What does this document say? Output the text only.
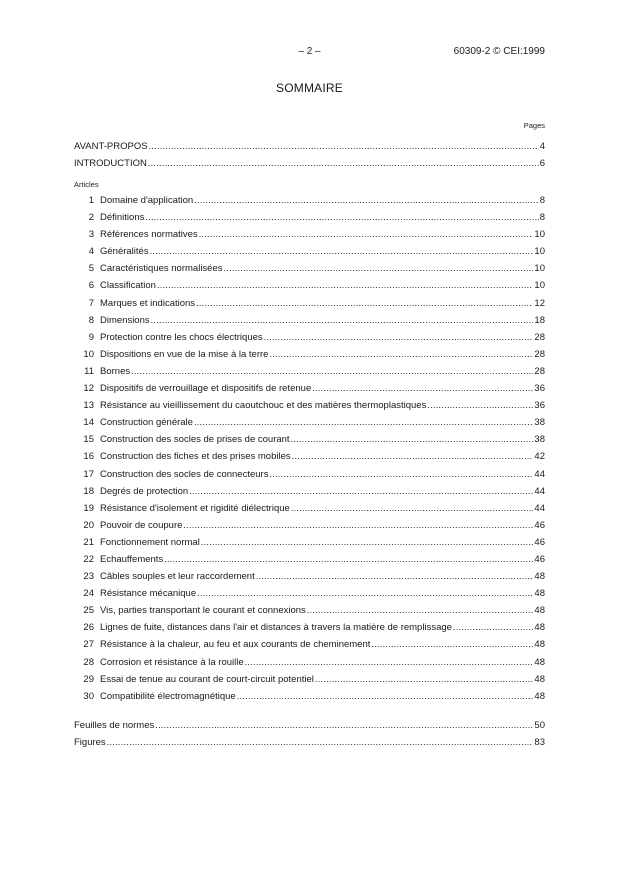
– 2 –	60309-2 © CEI:1999
SOMMAIRE
Pages
AVANT-PROPOS .....	4
INTRODUCTION .....	6
Articles
1 Domaine d'application .....	8
2 Définitions .....	8
3 Références normatives .....	10
4 Généralités .....	10
5 Caractéristiques normalisées .....	10
6 Classification .....	10
7 Marques et indications .....	12
8 Dimensions .....	18
9 Protection contre les chocs électriques .....	28
10 Dispositions en vue de la mise à la terre .....	28
11 Bornes .....	28
12 Dispositifs de verrouillage et dispositifs de retenue .....	36
13 Résistance au vieillissement du caoutchouc et des matières thermoplastiques .....	36
14 Construction générale .....	38
15 Construction des socles de prises de courant .....	38
16 Construction des fiches et des prises mobiles .....	42
17 Construction des socles de connecteurs .....	44
18 Degrés de protection .....	44
19 Résistance d'isolement et rigidité diélectrique .....	44
20 Pouvoir de coupure .....	46
21 Fonctionnement normal .....	46
22 Echauffements .....	46
23 Câbles souples et leur raccordement .....	48
24 Résistance mécanique .....	48
25 Vis, parties transportant le courant et connexions .....	48
26 Lignes de fuite, distances dans l'air et distances à travers la matière de remplissage .....	48
27 Résistance à la chaleur, au feu et aux courants de cheminement .....	48
28 Corrosion et résistance à la rouille .....	48
29 Essai de tenue au courant de court-circuit potentiel .....	48
30 Compatibilité électromagnétique .....	48
Feuilles de normes .....	50
Figures .....	83
